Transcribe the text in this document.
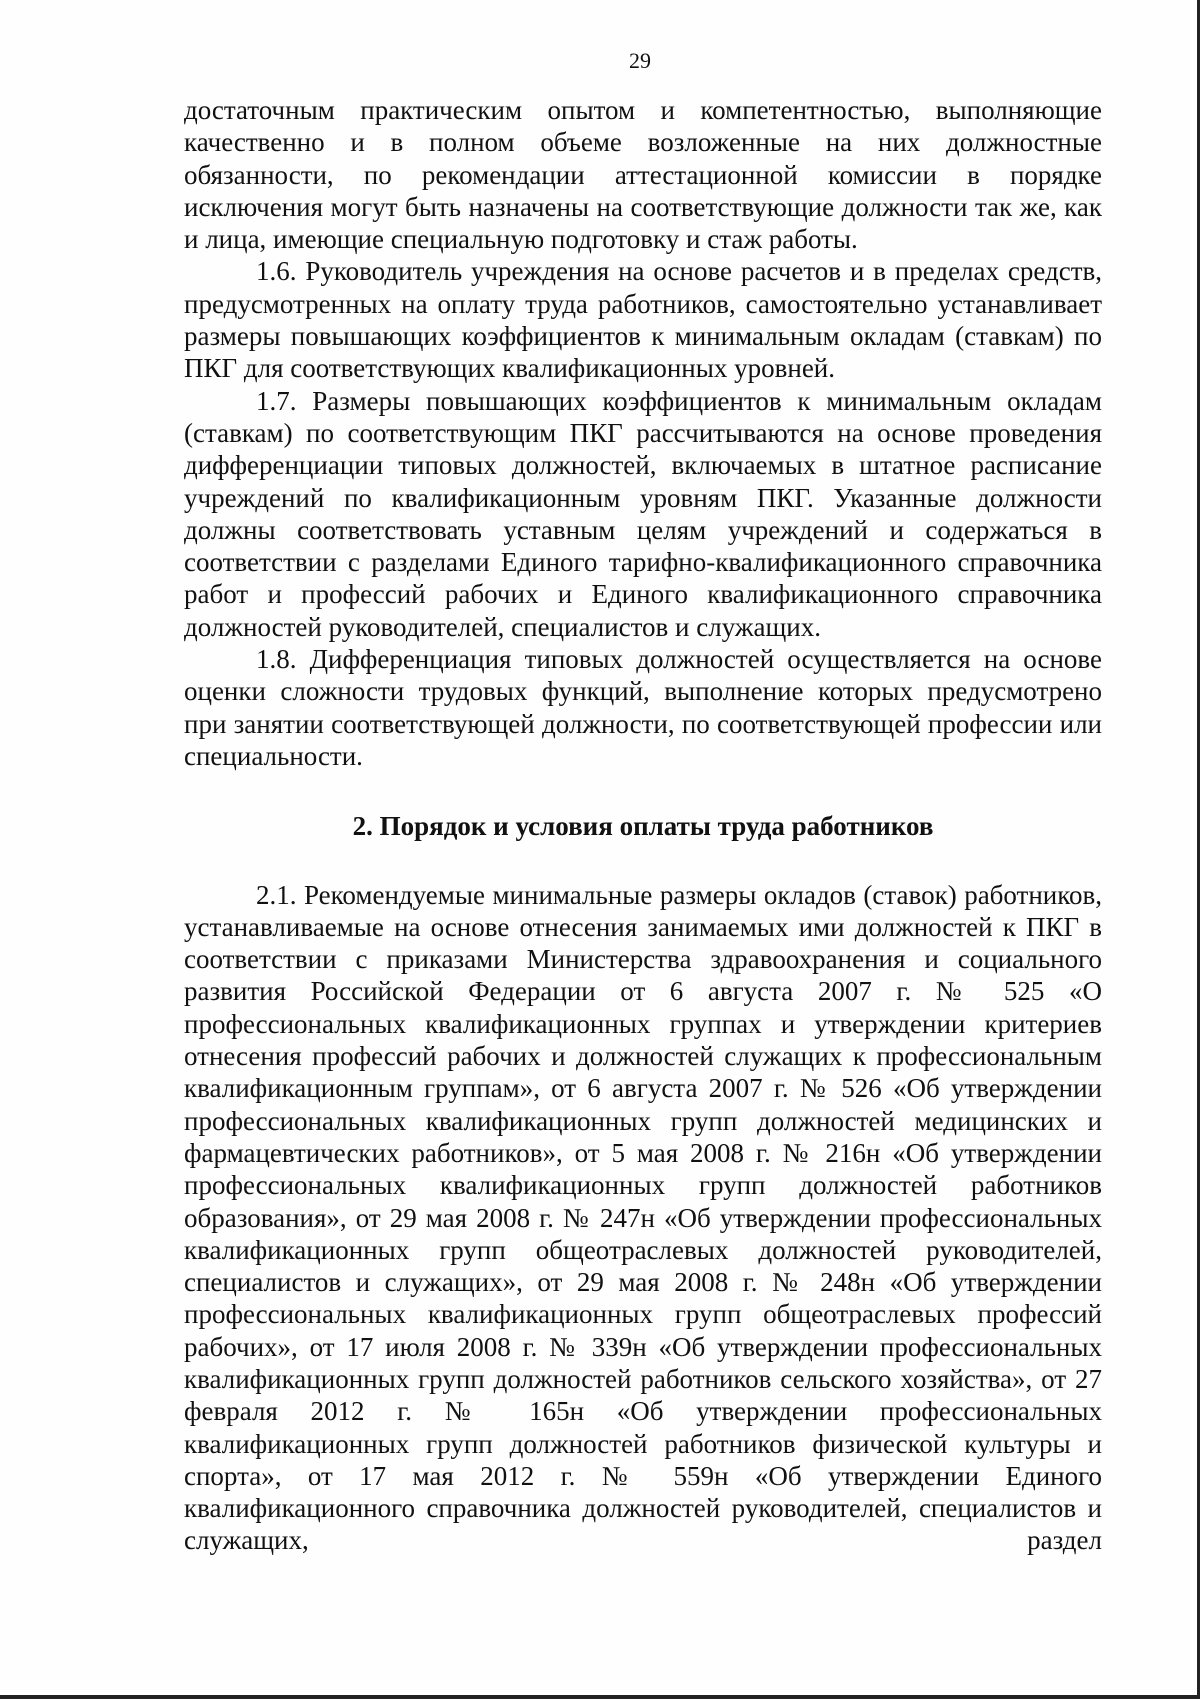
29

достаточным практическим опытом и компетентностью, выполняющие качественно и в полном объеме возложенные на них должностные обязанности, по рекомендации аттестационной комиссии в порядке исключения могут быть назначены на соответствующие должности так же, как и лица, имеющие специальную подготовку и стаж работы.

1.6. Руководитель учреждения на основе расчетов и в пределах средств, предусмотренных на оплату труда работников, самостоятельно устанавливает размеры повышающих коэффициентов к минимальным окладам (ставкам) по ПКГ для соответствующих квалификационных уровней.

1.7. Размеры повышающих коэффициентов к минимальным окладам (ставкам) по соответствующим ПКГ рассчитываются на основе проведения дифференциации типовых должностей, включаемых в штатное расписание учреждений по квалификационным уровням ПКГ. Указанные должности должны соответствовать уставным целям учреждений и содержаться в соответствии с разделами Единого тарифно-квалификационного справочника работ и профессий рабочих и Единого квалификационного справочника должностей руководителей, специалистов и служащих.

1.8. Дифференциация типовых должностей осуществляется на основе оценки сложности трудовых функций, выполнение которых предусмотрено при занятии соответствующей должности, по соответствующей профессии или специальности.

2. Порядок и условия оплаты труда работников

2.1. Рекомендуемые минимальные размеры окладов (ставок) работников, устанавливаемые на основе отнесения занимаемых ими должностей к ПКГ в соответствии с приказами Министерства здравоохранения и социального развития Российской Федерации от 6 августа 2007 г. № 525 «О профессиональных квалификационных группах и утверждении критериев отнесения профессий рабочих и должностей служащих к профессиональным квалификационным группам», от 6 августа 2007 г. № 526 «Об утверждении профессиональных квалификационных групп должностей медицинских и фармацевтических работников», от 5 мая 2008 г. № 216н «Об утверждении профессиональных квалификационных групп должностей работников образования», от 29 мая 2008 г. № 247н «Об утверждении профессиональных квалификационных групп общеотраслевых должностей руководителей, специалистов и служащих», от 29 мая 2008 г. № 248н «Об утверждении профессиональных квалификационных групп общеотраслевых профессий рабочих», от 17 июля 2008 г. № 339н «Об утверждении профессиональных квалификационных групп должностей работников сельского хозяйства», от 27 февраля 2012 г. № 165н «Об утверждении профессиональных квалификационных групп должностей работников физической культуры и спорта», от 17 мая 2012 г. № 559н «Об утверждении Единого квалификационного справочника должностей руководителей, специалистов и служащих, раздел
